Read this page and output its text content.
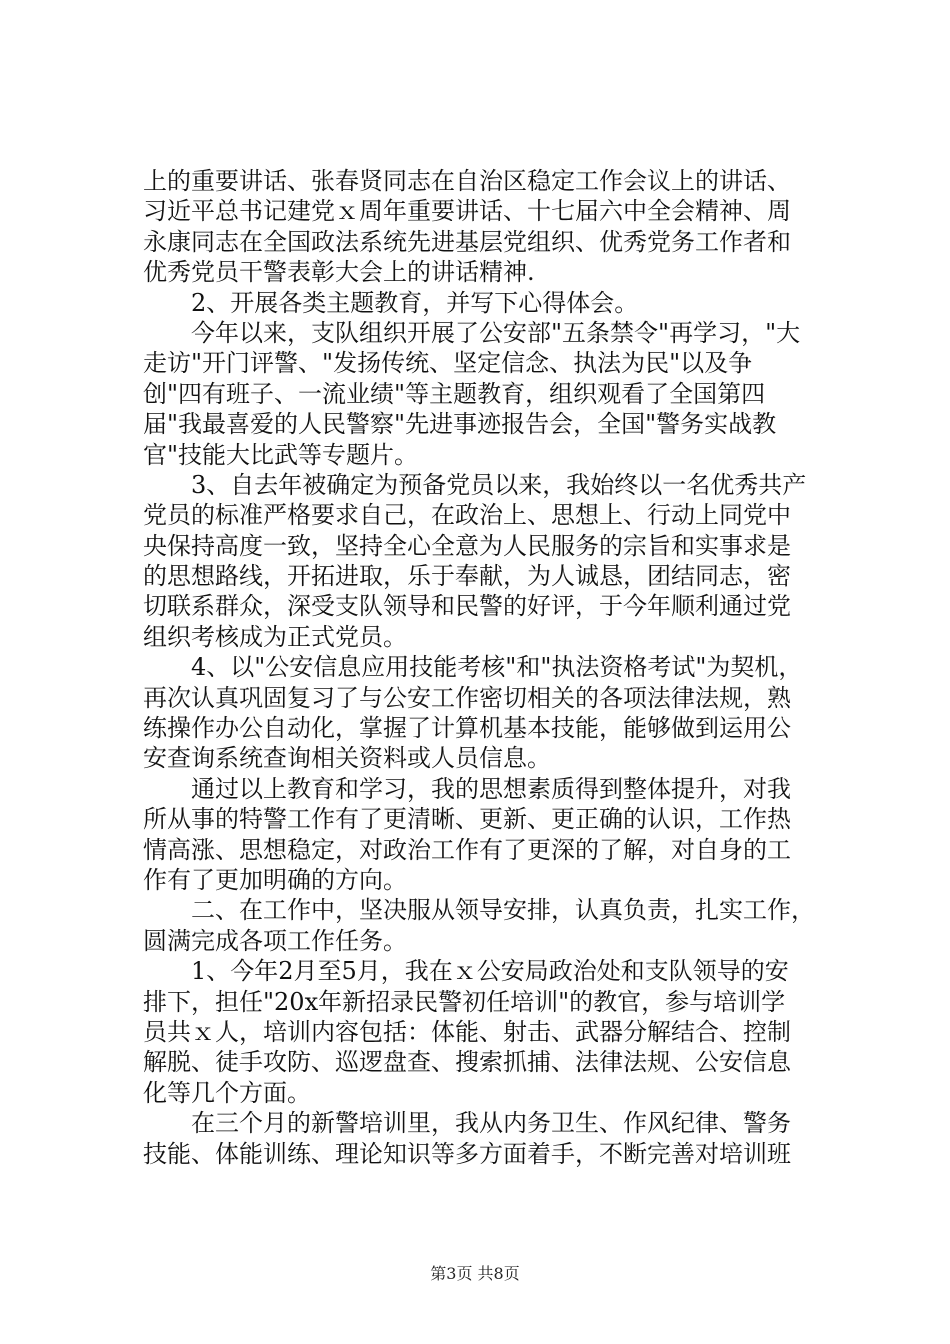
上的重要讲话、张春贤同志在自治区稳定工作会议上的讲话、
习近平总书记建党ｘ周年重要讲话、十七届六中全会精神、周
永康同志在全国政法系统先进基层党组织、优秀党务工作者和
优秀党员干警表彰大会上的讲话精神.
　　2、开展各类主题教育，并写下心得体会。
　　今年以来，支队组织开展了公安部"五条禁令"再学习，"大
走访"开门评警、"发扬传统、坚定信念、执法为民"以及争
创"四有班子、一流业绩"等主题教育，组织观看了全国第四
届"我最喜爱的人民警察"先进事迹报告会，全国"警务实战教
官"技能大比武等专题片。
　　3、自去年被确定为预备党员以来，我始终以一名优秀共产
党员的标准严格要求自己，在政治上、思想上、行动上同党中
央保持高度一致，坚持全心全意为人民服务的宗旨和实事求是
的思想路线，开拓进取，乐于奉献，为人诚恳，团结同志，密
切联系群众，深受支队领导和民警的好评，于今年顺利通过党
组织考核成为正式党员。
　　4、以"公安信息应用技能考核"和"执法资格考试"为契机，
再次认真巩固复习了与公安工作密切相关的各项法律法规，熟
练操作办公自动化，掌握了计算机基本技能，能够做到运用公
安查询系统查询相关资料或人员信息。
　　通过以上教育和学习，我的思想素质得到整体提升，对我
所从事的特警工作有了更清晰、更新、更正确的认识，工作热
情高涨、思想稳定，对政治工作有了更深的了解，对自身的工
作有了更加明确的方向。
　　二、在工作中，坚决服从领导安排，认真负责，扎实工作，
圆满完成各项工作任务。
　　1、今年2月至5月，我在ｘ公安局政治处和支队领导的安
排下，担任"20x年新招录民警初任培训"的教官，参与培训学
员共ｘ人，培训内容包括：体能、射击、武器分解结合、控制
解脱、徒手攻防、巡逻盘查、搜索抓捕、法律法规、公安信息
化等几个方面。
　　在三个月的新警培训里，我从内务卫生、作风纪律、警务
技能、体能训练、理论知识等多方面着手，不断完善对培训班
第3页 共8页
